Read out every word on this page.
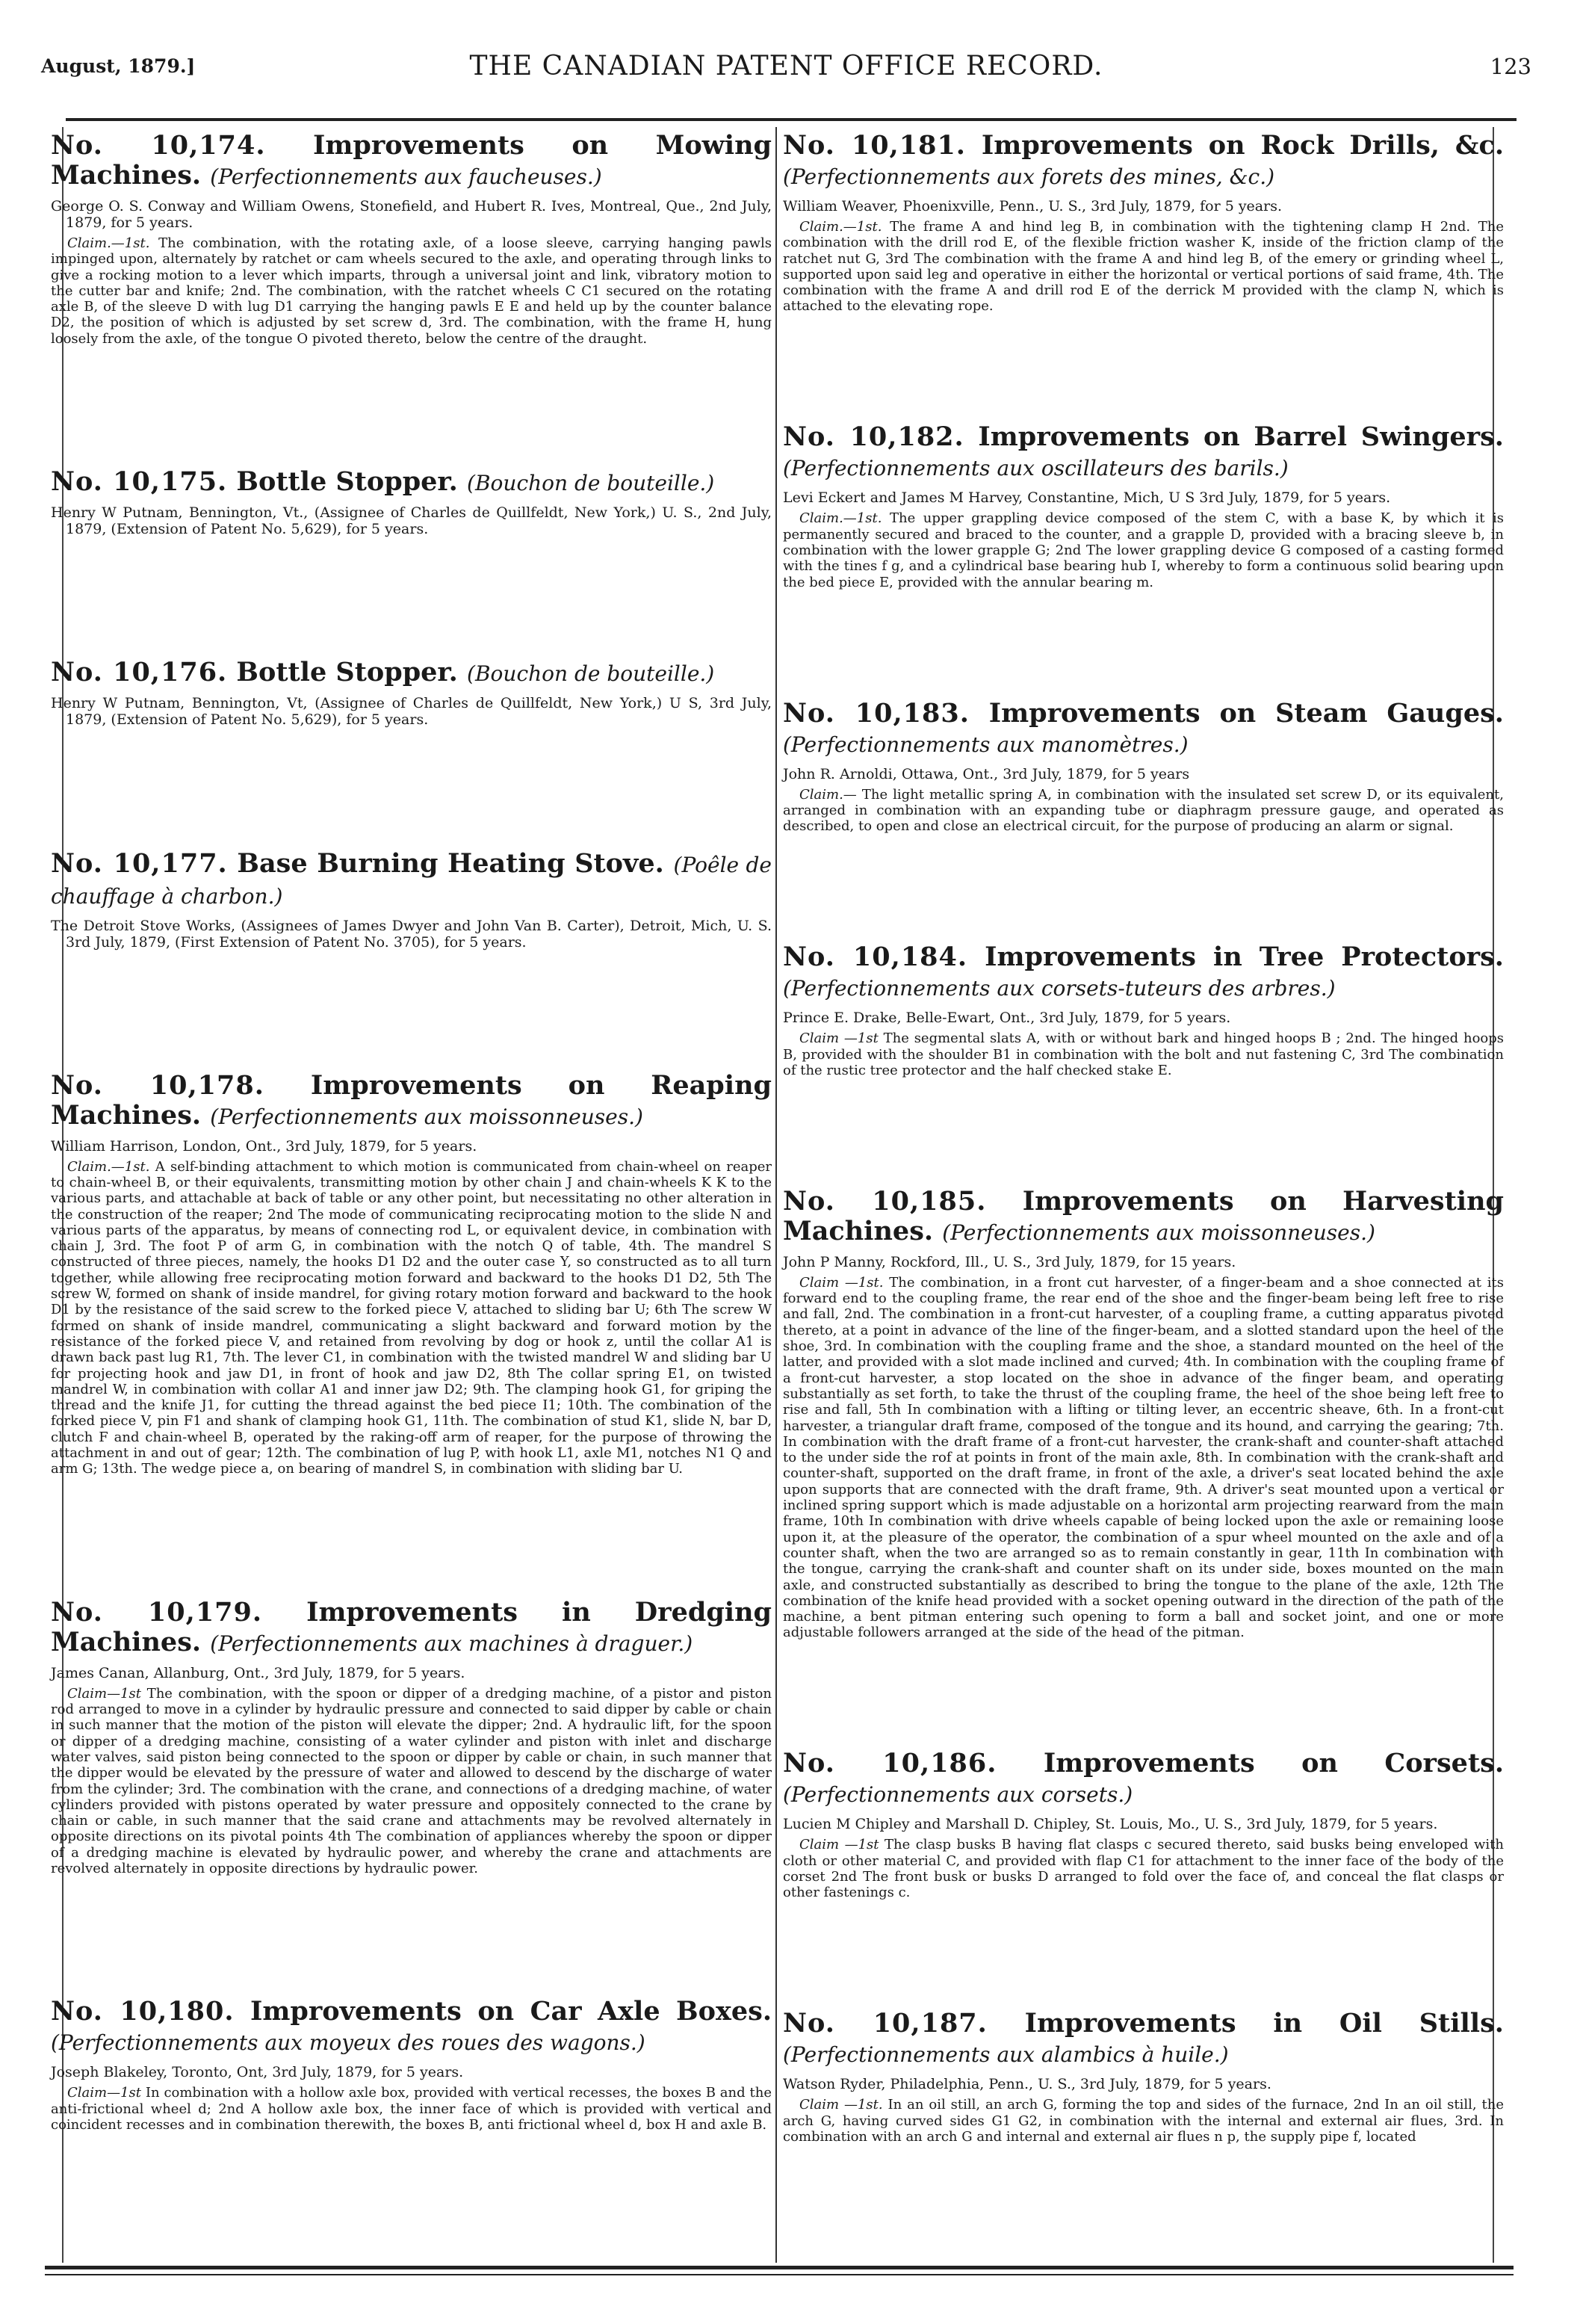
August, 1879.]	THE CANADIAN PATENT OFFICE RECORD.	123
No. 10,174. Improvements on Mowing Machines. (Perfectionnements aux faucheuses.)
George O. S. Conway and William Owens, Stonefield, and Hubert R. Ives, Montreal, Que., 2nd July, 1879, for 5 years.
Claim.—1st. The combination, with the rotating axle, of a loose sleeve, carrying hanging pawls impinged upon, alternately by ratchet or cam wheels secured to the axle, and operating through links to give a rocking motion to a lever which imparts, through a universal joint and link, vibratory motion to the cutter bar and knife; 2nd. The combination, with the ratchet wheels C C1 secured on the rotating axle B, of the sleeve D with lug D1 carrying the hanging pawls E E and held up by the counter balance D2, the position of which is adjusted by set screw d, 3rd. The combination, with the frame H, hung loosely from the axle, of the tongue O pivoted thereto, below the centre of the draught.
No. 10,175. Bottle Stopper. (Bouchon de bouteille.)
Henry W Putnam, Bennington, Vt., (Assignee of Charles de Quillfeldt, New York,) U. S., 2nd July, 1879, (Extension of Patent No. 5,629), for 5 years.
No. 10,176. Bottle Stopper. (Bouchon de bouteille.)
Henry W Putnam, Bennington, Vt, (Assignee of Charles de Quillfeldt, New York,) U S, 3rd July, 1879, (Extension of Patent No. 5,629), for 5 years.
No. 10,177. Base Burning Heating Stove. (Poêle de chauffage à charbon.)
The Detroit Stove Works, (Assignees of James Dwyer and John Van B. Carter), Detroit, Mich, U. S. 3rd July, 1879, (First Extension of Patent No. 3705), for 5 years.
No. 10,178. Improvements on Reaping Machines. (Perfectionnements aux moissonneuses.)
William Harrison, London, Ont., 3rd July, 1879, for 5 years.
Claim.—1st. A self-binding attachment to which motion is communicated from chain-wheel on reaper to chain-wheel B, or their equivalents, transmitting motion by other chain J and chain-wheels K K to the various parts, and attachable at back of table or any other point, but necessitating no other alteration in the construction of the reaper; 2nd The mode of communicating reciprocating motion to the slide N and various parts of the apparatus, by means of connecting rod L, or equivalent device, in combination with chain J, 3rd. The foot P of arm G, in combination with the notch Q of table, 4th. The mandrel S constructed of three pieces, namely, the hooks D1 D2 and the outer case Y, so constructed as to all turn together, while allowing free reciprocating motion forward and backward to the hooks D1 D2, 5th The screw W, formed on shank of inside mandrel, for giving rotary motion forward and backward to the hook D1 by the resistance of the said screw to the forked piece V, attached to sliding bar U; 6th The screw W formed on shank of inside mandrel, communicating a slight backward and forward motion by the resistance of the forked piece V, and retained from revolving by dog or hook z, until the collar A1 is drawn back past lug R1, 7th. The lever C1, in combination with the twisted mandrel W and sliding bar U for projecting hook and jaw D1, in front of hook and jaw D2, 8th The collar spring E1, on twisted mandrel W, in combination with collar A1 and inner jaw D2; 9th. The clamping hook G1, for griping the thread and the knife J1, for cutting the thread against the bed piece I1; 10th. The combination of the forked piece V, pin F1 and shank of clamping hook G1, 11th. The combination of stud K1, slide N, bar D, clutch F and chain-wheel B, operated by the raking-off arm of reaper, for the purpose of throwing the attachment in and out of gear; 12th. The combination of lug P, with hook L1, axle M1, notches N1 Q and arm G; 13th. The wedge piece a, on bearing of mandrel S, in combination with sliding bar U.
No. 10,179. Improvements in Dredging Machines. (Perfectionnements aux machines à draguer.)
James Canan, Allanburg, Ont., 3rd July, 1879, for 5 years.
Claim—1st The combination, with the spoon or dipper of a dredging machine, of a pistor and piston rod arranged to move in a cylinder by hydraulic pressure and connected to said dipper by cable or chain in such manner that the motion of the piston will elevate the dipper; 2nd. A hydraulic lift, for the spoon or dipper of a dredging machine, consisting of a water cylinder and piston with inlet and discharge water valves, said piston being connected to the spoon or dipper by cable or chain, in such manner that the dipper would be elevated by the pressure of water and allowed to descend by the discharge of water from the cylinder; 3rd. The combination with the crane, and connections of a dredging machine, of water cylinders provided with pistons operated by water pressure and oppositely connected to the crane by chain or cable, in such manner that the said crane and attachments may be revolved alternately in opposite directions on its pivotal points 4th The combination of appliances whereby the spoon or dipper of a dredging machine is elevated by hydraulic power, and whereby the crane and attachments are revolved alternately in opposite directions by hydraulic power.
No. 10,180. Improvements on Car Axle Boxes. (Perfectionnements aux moyeux des roues des wagons.)
Joseph Blakeley, Toronto, Ont, 3rd July, 1879, for 5 years.
Claim—1st In combination with a hollow axle box, provided with vertical recesses, the boxes B and the anti-frictional wheel d; 2nd A hollow axle box, the inner face of which is provided with vertical and coincident recesses and in combination therewith, the boxes B, anti frictional wheel d, box H and axle B.
No. 10,181. Improvements on Rock Drills, &c. (Perfectionnements aux forets des mines, &c.)
William Weaver, Phoenixville, Penn., U. S., 3rd July, 1879, for 5 years.
Claim.—1st. The frame A and hind leg B, in combination with the tightening clamp H 2nd. The combination with the drill rod E, of the flexible friction washer K, inside of the friction clamp of the ratchet nut G, 3rd The combination with the frame A and hind leg B, of the emery or grinding wheel L, supported upon said leg and operative in either the horizontal or vertical portions of said frame, 4th. The combination with the frame A and drill rod E of the derrick M provided with the clamp N, which is attached to the elevating rope.
No. 10,182. Improvements on Barrel Swingers. (Perfectionnements aux oscillateurs des barils.)
Levi Eckert and James M Harvey, Constantine, Mich, U S 3rd July, 1879, for 5 years.
Claim.—1st. The upper grappling device composed of the stem C, with a base K, by which it is permanently secured and braced to the counter, and a grapple D, provided with a bracing sleeve b, in combination with the lower grapple G; 2nd The lower grappling device G composed of a casting formed with the tines f g, and a cylindrical base bearing hub I, whereby to form a continuous solid bearing upon the bed piece E, provided with the annular bearing m.
No. 10,183. Improvements on Steam Gauges. (Perfectionnements aux manomètres.)
John R. Arnoldi, Ottawa, Ont., 3rd July, 1879, for 5 years
Claim.— The light metallic spring A, in combination with the insulated set screw D, or its equivalent, arranged in combination with an expanding tube or diaphragm pressure gauge, and operated as described, to open and close an electrical circuit, for the purpose of producing an alarm or signal.
No. 10,184. Improvements in Tree Protectors. (Perfectionnements aux corsets-tuteurs des arbres.)
Prince E. Drake, Belle-Ewart, Ont., 3rd July, 1879, for 5 years.
Claim —1st The segmental slats A, with or without bark and hinged hoops B ; 2nd. The hinged hoops B, provided with the shoulder B1 in combination with the bolt and nut fastening C, 3rd The combination of the rustic tree protector and the half checked stake E.
No. 10,185. Improvements on Harvesting Machines. (Perfectionnements aux moissonneuses.)
John P Manny, Rockford, Ill., U. S., 3rd July, 1879, for 15 years.
Claim —1st. The combination, in a front cut harvester, of a finger-beam and a shoe connected at its forward end to the coupling frame, the rear end of the shoe and the finger-beam being left free to rise and fall, 2nd. The combination in a front-cut harvester, of a coupling frame, a cutting apparatus pivoted thereto, at a point in advance of the line of the finger-beam, and a slotted standard upon the heel of the shoe, 3rd. In combination with the coupling frame and the shoe, a standard mounted on the heel of the latter, and provided with a slot made inclined and curved; 4th. In combination with the coupling frame of a front-cut harvester, a stop located on the shoe in advance of the finger beam, and operating substantially as set forth, to take the thrust of the coupling frame, the heel of the shoe being left free to rise and fall, 5th In combination with a lifting or tilting lever, an eccentric sheave, 6th. In a front-cut harvester, a triangular draft frame, composed of the tongue and its hound, and carrying the gearing; 7th. In combination with the draft frame of a front-cut harvester, the crank-shaft and counter-shaft attached to the under side the rof at points in front of the main axle, 8th. In combination with the crank-shaft and counter-shaft, supported on the draft frame, in front of the axle, a driver's seat located behind the axle upon supports that are connected with the draft frame, 9th. A driver's seat mounted upon a vertical or inclined spring support which is made adjustable on a horizontal arm projecting rearward from the main frame, 10th In combination with drive wheels capable of being locked upon the axle or remaining loose upon it, at the pleasure of the operator, the combination of a spur wheel mounted on the axle and of a counter shaft, when the two are arranged so as to remain constantly in gear, 11th In combination with the tongue, carrying the crank-shaft and counter shaft on its under side, boxes mounted on the main axle, and constructed substantially as described to bring the tongue to the plane of the axle, 12th The combination of the knife head provided with a socket opening outward in the direction of the path of the machine, a bent pitman entering such opening to form a ball and socket joint, and one or more adjustable followers arranged at the side of the head of the pitman.
No. 10,186. Improvements on Corsets. (Perfectionnements aux corsets.)
Lucien M Chipley and Marshall D. Chipley, St. Louis, Mo., U. S., 3rd July, 1879, for 5 years.
Claim —1st The clasp busks B having flat clasps c secured thereto, said busks being enveloped with cloth or other material C, and provided with flap C1 for attachment to the inner face of the body of the corset 2nd The front busk or busks D arranged to fold over the face of, and conceal the flat clasps or other fastenings c.
No. 10,187. Improvements in Oil Stills. (Perfectionnements aux alambics à huile.)
Watson Ryder, Philadelphia, Penn., U. S., 3rd July, 1879, for 5 years.
Claim —1st. In an oil still, an arch G, forming the top and sides of the furnace, 2nd In an oil still, the arch G, having curved sides G1 G2, in combination with the internal and external air flues, 3rd. In combination with an arch G and internal and external air flues n p, the supply pipe f, located
